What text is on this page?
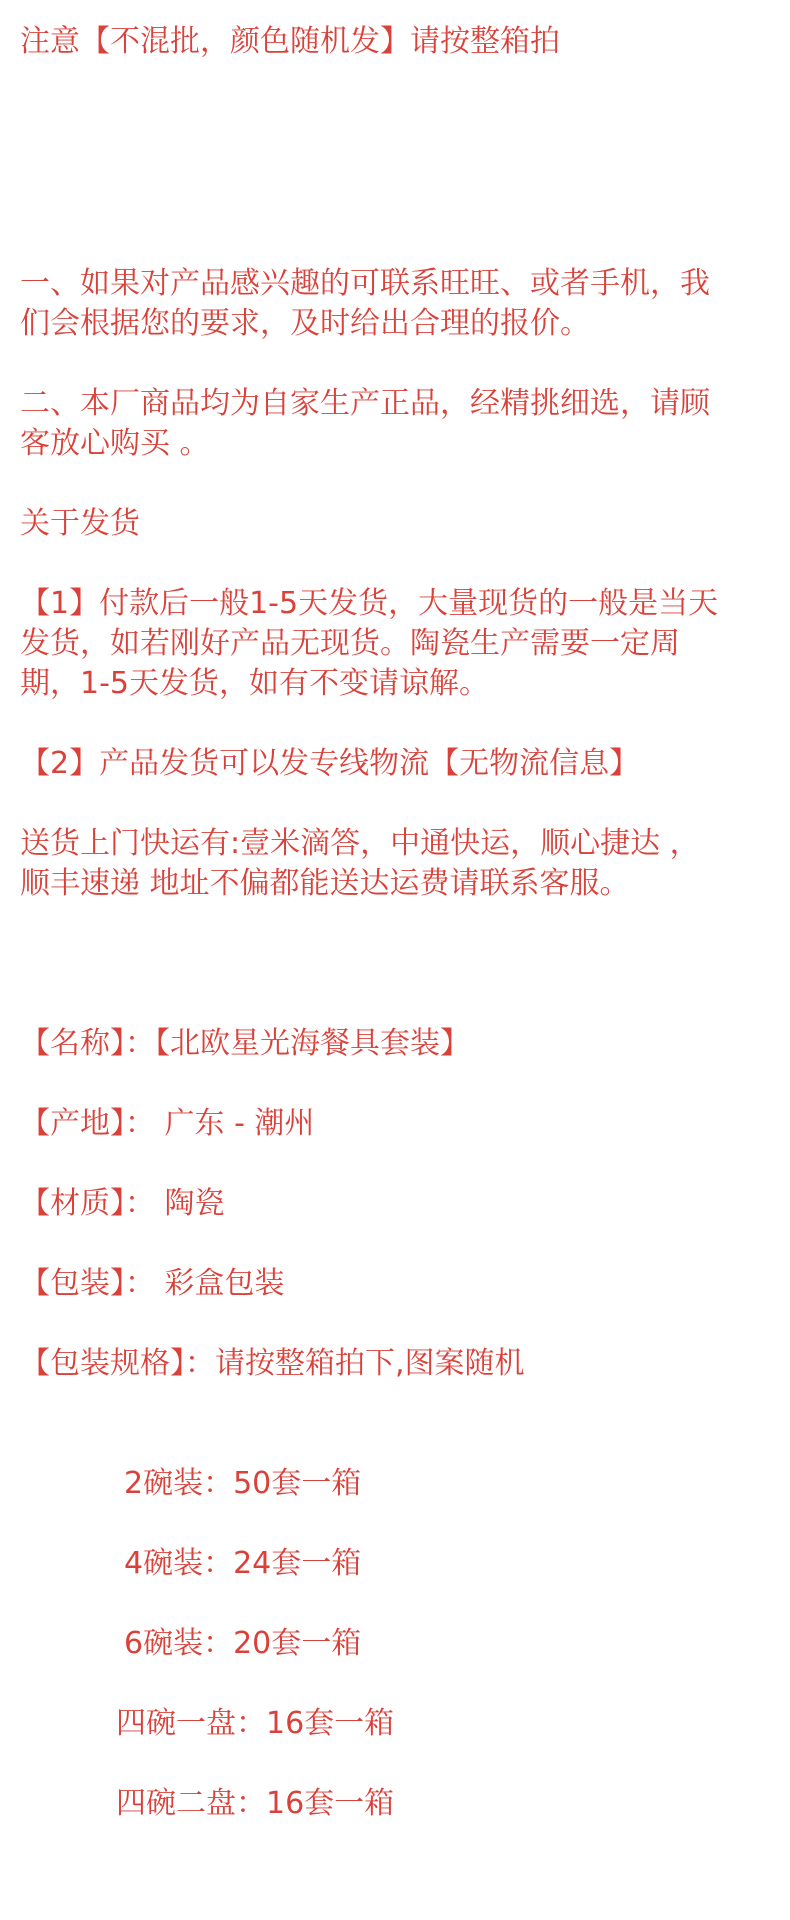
注意【不混批，颜色随机发】请按整箱拍
一、如果对产品感兴趣的可联系旺旺、或者手机，我
们会根据您的要求，及时给出合理的报价。
二、本厂商品均为自家生产正品，经精挑细选，请顾
客放心购买 。
关于发货
【1】付款后一般1-5天发货，大量现货的一般是当天
发货，如若刚好产品无现货。陶瓷生产需要一定周
期，1-5天发货，如有不变请谅解。
【2】产品发货可以发专线物流【无物流信息】
送货上门快运有:壹米滴答，中通快运，顺心捷达 ，
顺丰速递 地址不偏都能送达运费请联系客服。
【名称】：【北欧星光海餐具套装】
【产地】： 广东 - 潮州
【材质】： 陶瓷
【包装】： 彩盒包装
【包装规格】：请按整箱拍下,图案随机
2碗装：50套一箱
4碗装：24套一箱
6碗装：20套一箱
四碗一盘：16套一箱
四碗二盘：16套一箱
